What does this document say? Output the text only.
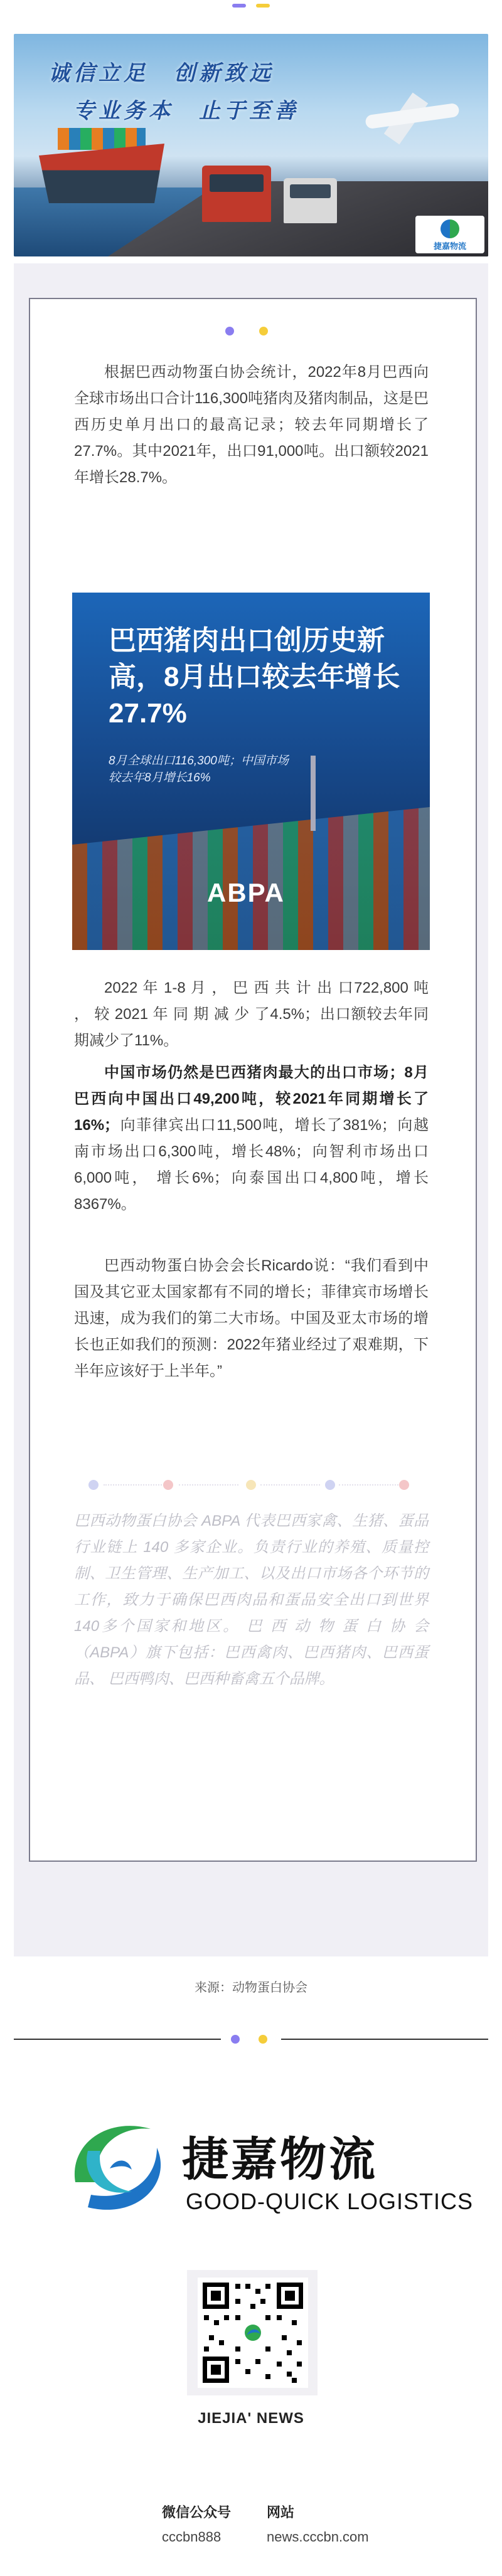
诚信立足　创新致远
专业务本　止于至善
捷嘉物流
根据巴西动物蛋白协会统计，2022年8月巴西向全球市场出口合计116,300吨猪肉及猪肉制品，这是巴西历史单月出口的最高记录；较去年同期增长了27.7%。其中2021年，出口91,000吨。出口额较2021年增长28.7%。
巴西猪肉出口创历史新高，8月出口较去年增长27.7%
8月全球出口116,300吨；中国市场较去年8月增长16%
ABPA
2022 年 1-8 月 ， 巴 西 共 计 出 口722,800 吨 ， 较 2021 年 同 期 减 少 了4.5%；出口额较去年同期减少了11%。
中国市场仍然是巴西猪肉最大的出口市场；8月巴西向中国出口49,200吨，较2021年同期增长了16%；向菲律宾出口11,500吨，增长了381%；向越南市场出口6,300吨，增长48%；向智利市场出口6,000吨， 增长6%；向泰国出口4,800吨，增长8367%。
巴西动物蛋白协会会长Ricardo说：“我们看到中国及其它亚太国家都有不同的增长；菲律宾市场增长迅速，成为我们的第二大市场。中国及亚太市场的增长也正如我们的预测：2022年猪业经过了艰难期，下半年应该好于上半年。”
巴西动物蛋白协会 ABPA 代表巴西家禽、生猪、蛋品行业链上 140 多家企业。负责行业的养殖、质量控制、卫生管理、生产加工、以及出口市场各个环节的工作，致力于确保巴西肉品和蛋品安全出口到世界140多个国家和地区。 巴 西 动 物 蛋 白 协 会（ABPA）旗下包括：巴西禽肉、巴西猪肉、巴西蛋品、 巴西鸭肉、巴西种畜禽五个品牌。
来源：动物蛋白协会
捷嘉物流
GOOD-QUICK LOGISTICS
JIEJIA' NEWS
微信公众号	网站
cccbn888	news.cccbn.com
